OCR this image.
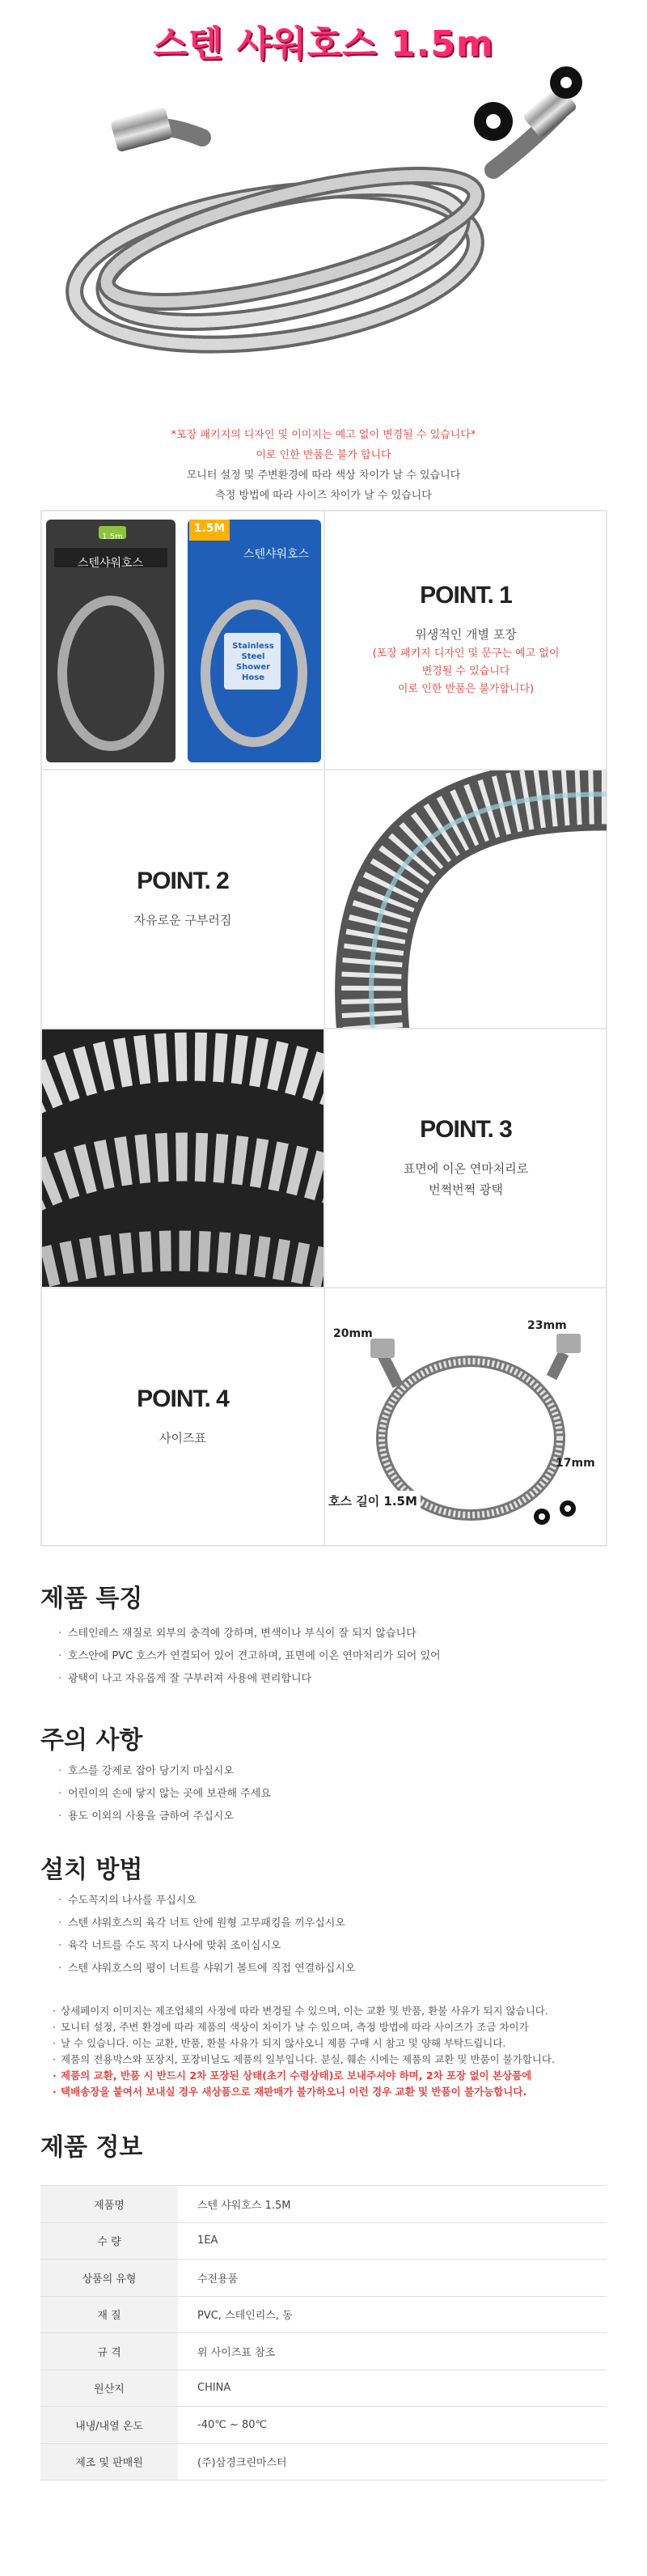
스텐 샤워호스 1.5m
*포장 패키지의 디자인 및 이미지는 예고 없이 변경될 수 있습니다*
이로 인한 반품은 불가 합니다
모니터 설정 및 주변환경에 따라 색상 차이가 날 수 있습니다
측정 방법에 따라 사이즈 차이가 날 수 있습니다
스텐샤워호스
1.5m
1.5M
스텐샤워호스
Stainless Steel Shower Hose
POINT. 1
위생적인 개별 포장
(포장 패키지 디자인 및 문구는 예고 없이
변경될 수 있습니다
이로 인한 반품은 불가합니다)
POINT. 2
자유로운 구부러짐
POINT. 3
표면에 이온 연마처리로
번쩍번쩍 광택
POINT. 4
사이즈표
20mm
23mm
17mm
호스 길이 1.5M
제품 특징
· 스테인레스 재질로 외부의 충격에 강하며, 변색이나 부식이 잘 되지 않습니다
· 호스안에 PVC 호스가 연결되어 있어 견고하며, 표면에 이온 연마처리가 되어 있어
· 광택이 나고 자유롭게 잘 구부러져 사용에 편리합니다
주의 사항
· 호스를 강제로 잡아 당기지 마십시오
· 어린이의 손에 닿지 않는 곳에 보관해 주세요
· 용도 이외의 사용을 금하여 주십시오
설치 방법
· 수도꼭지의 나사를 푸십시오
· 스텐 샤워호스의 육각 너트 안에 원형 고무패킹을 끼우십시오
· 육각 너트를 수도 꼭지 나사에 맞춰 조이십시오
· 스텐 샤워호스의 평이 너트를 샤워기 볼트에 직접 연결하십시오
· 상세페이지 이미지는 제조업체의 사정에 따라 변경될 수 있으며, 이는 교환 및 반품, 환불 사유가 되지 않습니다.
· 모니터 설정, 주변 환경에 따라 제품의 색상이 차이가 날 수 있으며, 측정 방법에 따라 사이즈가 조금 차이가
· 날 수 있습니다. 이는 교환, 반품, 환불 사유가 되지 않사오니 제품 구매 시 참고 및 양해 부탁드립니다.
· 제품의 전용박스와 포장지, 포장비닐도 제품의 일부입니다. 분실, 훼손 시에는 제품의 교환 및 반품이 불가합니다.
· 제품의 교환, 반품 시 반드시 2차 포장된 상태(초기 수령상태)로 보내주셔야 하며, 2차 포장 없이 본상품에
· 택배송장을 붙여서 보내실 경우 새상품으로 재판매가 불가하오니 이런 경우 교환 및 반품이 불가능합니다.
제품 정보
제품명	스텐 샤워호스 1.5M
수 량	1EA
상품의 유형	수전용품
재 질	PVC, 스테인리스, 동
규 격	위 사이즈표 참조
원산지	CHINA
내냉/내열 온도	-40℃ ~ 80℃
제조 및 판매원	(주)삼경크린마스터
